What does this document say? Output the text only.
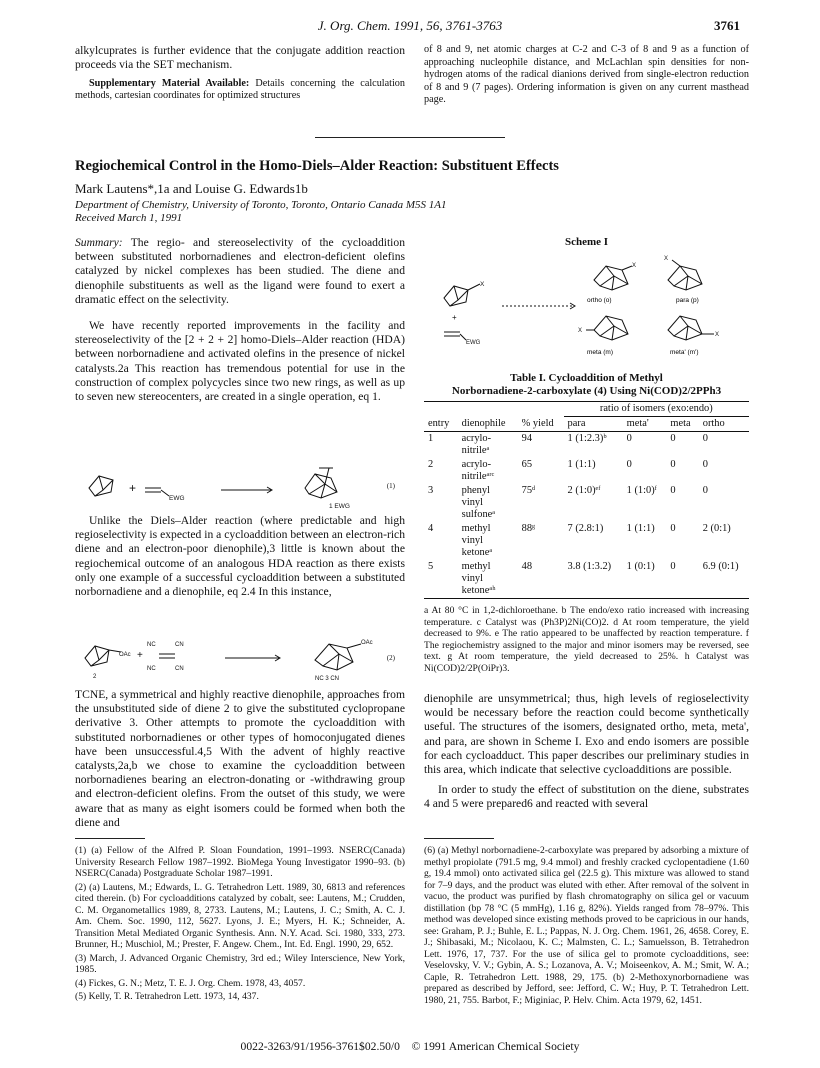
J. Org. Chem. 1991, 56, 3761-3763	3761

alkylcuprates is further evidence that the conjugate addition reaction proceeds via the SET mechanism.

Supplementary Material Available: Details concerning the calculation methods, cartesian coordinates for optimized structures

of 8 and 9, net atomic charges at C-2 and C-3 of 8 and 9 as a function of approaching nucleophile distance, and McLachlan spin densities for non-hydrogen atoms of the radical dianions derived from single-electron reduction of 8 and 9 (7 pages). Ordering information is given on any current masthead page.

Regiochemical Control in the Homo-Diels–Alder Reaction: Substituent Effects
Mark Lautens*,1a and Louise G. Edwards1b
Department of Chemistry, University of Toronto, Toronto, Ontario Canada M5S 1A1
Received March 1, 1991

Summary: The regio- and stereoselectivity of the cycloaddition between substituted norbornadienes and electron-deficient olefins catalyzed by nickel complexes has been studied. The diene and dienophile substituents as well as the ligand were found to exert a dramatic effect on the selectivity.

We have recently reported improvements in the facility and stereoselectivity of the [2 + 2 + 2] homo-Diels–Alder reaction (HDA) between norbornadiene and activated olefins in the presence of nickel catalysts.2a This reaction has tremendous potential for use in the construction of complex polycycles since two new rings, as well as up to seven new stereocenters, are created in a single operation, eq 1.

+
EWG
1 EWG
(1)

Unlike the Diels–Alder reaction (where predictable and high regioselectivity is expected in a cycloaddition between an electron-rich diene and an electron-poor dienophile),3 little is known about the regiochemical outcome of an analogous HDA reaction as there exists only one example of a successful cycloaddition between a substituted norbornadiene and a dienophile, eq 2.4 In this instance,

OAc
2
+
NC	CN
NC	CN
OAc
NC 3 CN
(2)

TCNE, a symmetrical and highly reactive dienophile, approaches from the unsubstituted side of diene 2 to give the substituted cyclopropane derivative 3. Other attempts to promote the cycloaddition with substituted norbornadienes or other types of homoconjugated dienes have been unsuccessful.4,5 With the advent of highly reactive catalysts,2a,b we chose to examine the cycloaddition between norbornadienes bearing an electron-donating or -withdrawing group and electron-deficient olefins. From the outset of this study, we were aware that as many as eight isomers could be formed when both the diene and

Scheme I
X
+
EWG
X
X
X
X
ortho (o)	para (p)
meta (m)	meta' (m')
Table I. Cycloaddition of Methyl
Norbornadiene-2-carboxylate (4) Using Ni(COD)2/2PPh3
			ratio of isomers (exo:endo)			
entry	dienophile	% yield	para	meta'	meta	ortho
1	acrylo- nitrileᵃ	94	1 (1:2.3)ᵇ	0	0	0
2	acrylo- nitrileᵃʳᶜ	65	1 (1:1)	0	0	0
3	phenyl vinyl sulfoneᵃ	75ᵈ	2 (1:0)ᵉᶠ	1 (1:0)ᶠ	0	0
4	methyl vinyl ketoneᵃ	88ᵍ	7 (2.8:1)	1 (1:1)	0	2 (0:1)
5	methyl vinyl ketoneᵃʰ	48	3.8 (1:3.2)	1 (0:1)	0	6.9 (0:1)
a At 80 °C in 1,2-dichloroethane. b The endo/exo ratio increased with increasing temperature. c Catalyst was (Ph3P)2Ni(CO)2. d At room temperature, the yield decreased to 9%. e The ratio appeared to be unaffected by reaction temperature. f The regiochemistry assigned to the major and minor isomers may be reversed, see text. g At room temperature, the yield decreased to 25%. h Catalyst was Ni(COD)2/2P(OiPr)3.

dienophile are unsymmetrical; thus, high levels of regioselectivity would be necessary before the reaction could become synthetically useful. The structures of the isomers, designated ortho, meta, meta', and para, are shown in Scheme I. Exo and endo isomers are possible for each cycloadduct. This paper describes our preliminary studies in this area, which indicate that selective cycloadditions are possible.

In order to study the effect of substitution on the diene, substrates 4 and 5 were prepared6 and reacted with several

(1) (a) Fellow of the Alfred P. Sloan Foundation, 1991–1993. NSERC(Canada) University Research Fellow 1987–1992. BioMega Young Investigator 1990–93. (b) NSERC(Canada) Postgraduate Scholar 1987–1991.

(2) (a) Lautens, M.; Edwards, L. G. Tetrahedron Lett. 1989, 30, 6813 and references cited therein. (b) For cycloadditions catalyzed by cobalt, see: Lautens, M.; Crudden, C. M. Organometallics 1989, 8, 2733. Lautens, M.; Lautens, J. C.; Smith, A. C. J. Am. Chem. Soc. 1990, 112, 5627. Lyons, J. E.; Myers, H. K.; Schneider, A. Transition Metal Mediated Organic Synthesis. Ann. N.Y. Acad. Sci. 1980, 333, 273. Brunner, H.; Muschiol, M.; Prester, F. Angew. Chem., Int. Ed. Engl. 1990, 29, 652.

(3) March, J. Advanced Organic Chemistry, 3rd ed.; Wiley Interscience, New York, 1985.

(4) Fickes, G. N.; Metz, T. E. J. Org. Chem. 1978, 43, 4057.

(5) Kelly, T. R. Tetrahedron Lett. 1973, 14, 437.

(6) (a) Methyl norbornadiene-2-carboxylate was prepared by adsorbing a mixture of methyl propiolate (791.5 mg, 9.4 mmol) and freshly cracked cyclopentadiene (1.60 g, 19.4 mmol) onto activated silica gel (22.5 g). This mixture was allowed to stand for 7–9 days, and the product was eluted with ether. After removal of the solvent in vacuo, the product was purified by flash chromatography on silica gel or vacuum distillation (bp 78 °C (5 mmHg), 1.16 g, 82%). Yields ranged from 78–97%. This method was developed since existing methods proved to be capricious in our hands, see: Graham, P. J.; Buhle, E. L.; Pappas, N. J. Org. Chem. 1961, 26, 4658. Corey, E. J.; Shibasaki, M.; Nicolaou, K. C.; Malmsten, C. L.; Samuelsson, B. Tetrahedron Lett. 1976, 17, 737. For the use of silica gel to promote cycloadditions, see: Veselovsky, V. V.; Gybin, A. S.; Lozanova, A. V.; Moiseenkov, A. M.; Smit, W. A.; Caple, R. Tetrahedron Lett. 1988, 29, 175. (b) 2-Methoxynorbornadiene was prepared as described by Jefford, see: Jefford, C. W.; Huy, P. T. Tetrahedron Lett. 1980, 21, 755. Barbot, F.; Miginiac, P. Helv. Chim. Acta 1979, 62, 1451.

0022-3263/91/1956-3761$02.50/0 © 1991 American Chemical Society
